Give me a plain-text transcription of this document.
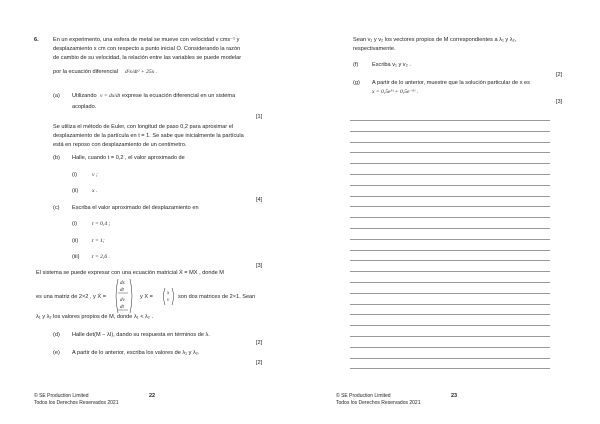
6.	En un experimento, una esfera de metal se mueve con velocidad v cms⁻¹ y
desplazamiento x cm con respecto a punto inicial O. Considerando la razón
de cambio de su velocidad, la relación entre las variables se puede modelar
por la ecuación diferencial d²x/dt² + 25x .
(a) Utilizando v = dx/dt exprese la ecuación diferencial en un sistema
acoplado.
[1]
Se utiliza el método de Euler, con longitud de paso 0,2 para aproximar el
desplazamiento de la partícula en t = 1. Se sabe que inicialmente la partícula
está en reposo con desplazamiento de un centímetro.
(b) Halle, cuando t = 0,2 , el valor aproximado de
(i)	v ;
(ii) x .
[4]
(c) Escriba el valor aproximado del desplazamiento en
(i)	t = 0,4 ;
(ii) t = 1;
(iii) t = 2,6 .
[3]
El sistema se puede expresar con una ecuación matricial Ẋ = MX , donde M
es una matriz de 2×2 , y Ẋ =
dx
dt
dv
dt
y X =
x
v
son dos matrices de 2×1. Sean
λ₁ y λ₂ los valores propios de M, donde λ₁ < λ₂ .
(d) Halle det(M − λI), dando su respuesta en términos de λ.
[2]
(e) A partir de lo anterior, escriba los valores de λ₁ y λ₂.
[2]
© SE Production Limited
Todos los Derechos Reservados 2021
22
Sean v₁ y v₂ los vectores propios de M correspondientes a λ₁ y λ₂,
respectivamente.
(f) Escriba v₁ y v₂ .
[2]
(g) A partir de lo anterior, muestre que la solución particular de x es
x = 0,5e⁵ᵗ + 0,5e⁻⁵ᵗ .
[3]
© SE Production Limited
Todos los Derechos Reservados 2021
23
